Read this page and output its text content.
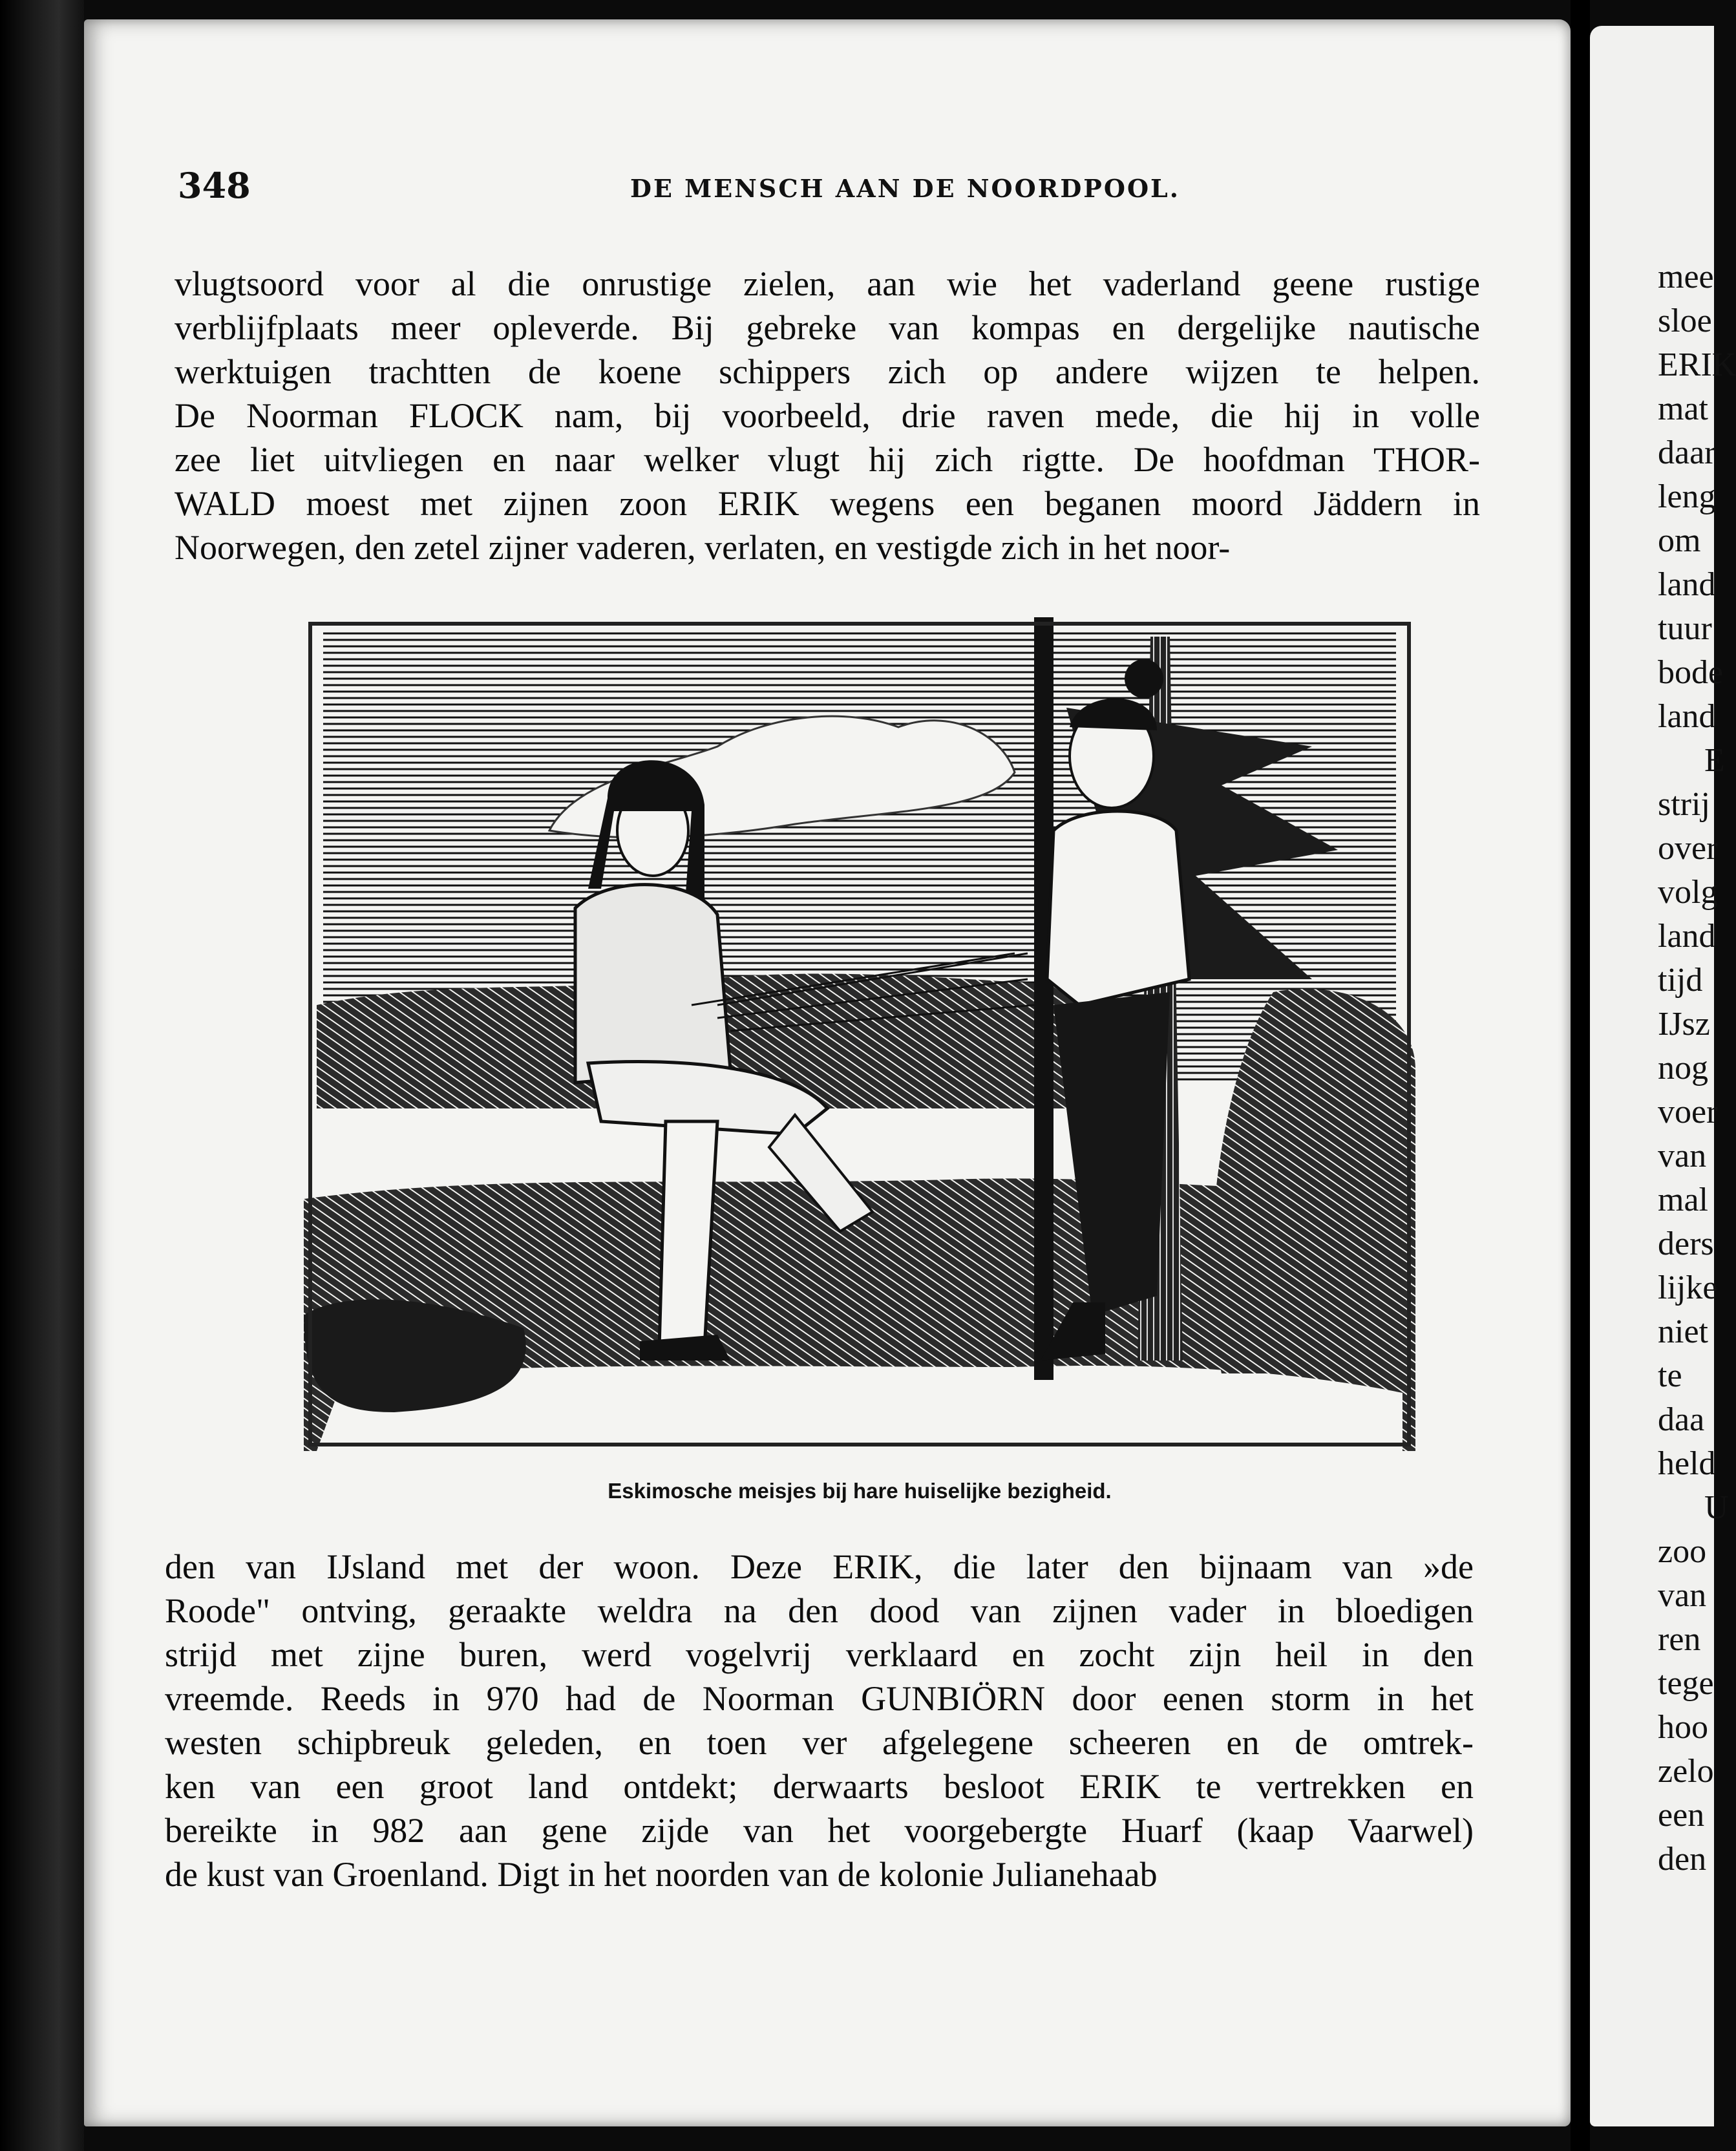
348	DE MENSCH AAN DE NOORDPOOL.
vlugtsoord voor al die onrustige zielen, aan wie het vaderland geene rustige
verblijfplaats meer opleverde. Bij gebreke van kompas en dergelijke nautische
werktuigen trachtten de koene schippers zich op andere wijzen te helpen.
De Noorman FLOCK nam, bij voorbeeld, drie raven mede, die hij in volle
zee liet uitvliegen en naar welker vlugt hij zich rigtte. De hoofdman THOR-
WALD moest met zijnen zoon ERIK wegens een beganen moord Jäddern in
Noorwegen, den zetel zijner vaderen, verlaten, en vestigde zich in het noor-
Eskimosche meisjes bij hare huiselijke bezigheid.
den van IJsland met der woon. Deze ERIK, die later den bijnaam van »de
Roode" ontving, geraakte weldra na den dood van zijnen vader in bloedigen
strijd met zijne buren, werd vogelvrij verklaard en zocht zijn heil in den
vreemde. Reeds in 970 had de Noorman GUNBIÖRN door eenen storm in het
westen schipbreuk geleden, en toen ver afgelegene scheeren en de omtrek-
ken van een groot land ontdekt; derwaarts besloot ERIK te vertrekken en
bereikte in 982 aan gene zijde van het voorgebergte Huarf (kaap Vaarwel)
de kust van Groenland. Digt in het noorden van de kolonie Julianehaab
mee
sloe
ERIK
mat
daar
leng
om
land
tuur
bode
land
E
strij
over
volg
land
tijd
IJsz
nog
voer
van
mal
ders
lijke
niet
te
daa
held
U
zoo
van
ren
tege
hoo
zelo
een
den
